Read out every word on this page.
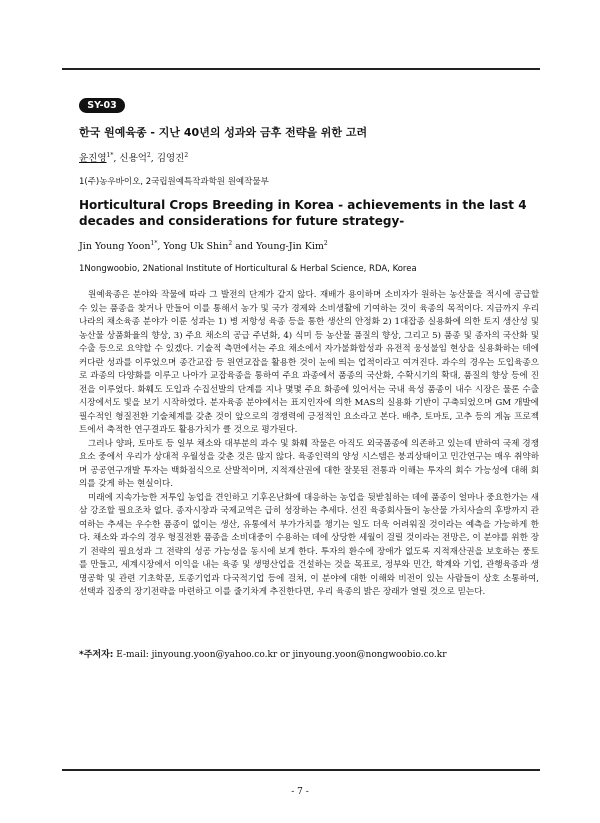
SY-03
한국 원예육종 - 지난 40년의 성과와 금후 전략을 위한 고려
윤진영$^{1*}$, 신용억$^2$, 김영진$^2$
1(주)농우바이오, 2국립원예특작과학원 원예작물부
Horticultural Crops Breeding in Korea - achievements in the last 4 decades and considerations for future strategy-
Jin Young Yoon$^{1*}$, Yong Uk Shin$^2$ and Young-Jin Kim$^2$
1Nongwoobio, 2National Institute of Horticultural & Herbal Science, RDA, Korea

원예육종은 분야와 작물에 따라 그 발전의 단계가 같지 않다. 재배가 용이하며 소비자가 원하는 농산물을 적시에 공급할 수 있는 품종을 찾거나 만들어 이를 통해서 농가 및 국가 경제와 소비생활에 기여하는 것이 육종의 목적이다. 지금까지 우리나라의 채소육종 분야가 이룬 성과는 1) 병 저항성 육종 등을 통한 생산의 안정화 2) 1대잡종 실용화에 의한 토지 생산성 및 농산물 상품화율의 향상, 3) 주요 채소의 공급 주년화, 4) 식미 등 농산물 품질의 향상, 그리고 5) 품종 및 종자의 국산화 및 수출 등으로 요약할 수 있겠다. 기술적 측면에서는 주요 채소에서 자가불화합성과 유전적 웅성불임 현상을 실용화하는 데에 커다란 성과를 이루었으며 종간교잡 등 원연교잡을 활용한 것이 눈에 띄는 업적이라고 여겨진다. 과수의 경우는 도입육종으로 과종의 다양화를 이루고 나아가 교잡육종을 통하여 주요 과종에서 품종의 국산화, 수확시기의 확대, 품질의 향상 등에 진전을 이루었다. 화훼도 도입과 수집선발의 단계를 지나 몇몇 주요 화종에 있어서는 국내 육성 품종이 내수 시장은 물론 수출시장에서도 빛을 보기 시작하였다. 분자육종 분야에서는 표지인자에 의한 MAS의 실용화 기반이 구축되었으며 GM 개발에 필수적인 형질전환 기술체계를 갖춘 것이 앞으로의 경쟁력에 긍정적인 요소라고 본다. 배추, 토마토, 고추 등의 게놈 프로젝트에서 축적한 연구결과도 활용가치가 클 것으로 평가된다.

그러나 양파, 토마토 등 일부 채소와 대부분의 과수 및 화훼 작물은 아직도 외국품종에 의존하고 있는데 반하여 국제 경쟁 요소 중에서 우리가 상대적 우월성을 갖춘 것은 많지 않다. 육종인력의 양성 시스템은 붕괴상태이고 민간연구는 매우 취약하며 공공연구개발 투자는 백화점식으로 산발적이며, 지적재산권에 대한 잘못된 전통과 이해는 투자의 회수 가능성에 대해 회의를 갖게 하는 현실이다.

미래에 지속가능한 저투입 농업을 견인하고 기후온난화에 대응하는 농업을 뒷받침하는 데에 품종이 얼마나 중요한가는 새삼 강조할 필요조차 없다. 종자시장과 국제교역은 급히 성장하는 추세다. 선진 육종회사들이 농산물 가치사슬의 후방까지 관여하는 추세는 우수한 품종이 없이는 생산, 유통에서 부가가치를 챙기는 일도 더욱 어려워질 것이라는 예측을 가능하게 한다. 채소와 과수의 경우 형질전환 품종을 소비대중이 수용하는 데에 상당한 세월이 걸릴 것이라는 전망은, 이 분야를 위한 장기 전략의 필요성과 그 전략의 성공 가능성을 동시에 보게 한다. 투자의 환수에 장애가 없도록 지적재산권을 보호하는 풍토를 만들고, 세계시장에서 이익을 내는 육종 및 생명산업을 건설하는 것을 목표로, 정부와 민간, 학계와 기업, 관행육종과 생명공학 및 관련 기초학문, 토종기업과 다국적기업 등에 걸쳐, 이 분야에 대한 이해와 비전이 있는 사람들이 상호 소통하여, 선택과 집중의 장기전략을 마련하고 이를 줄기차게 추진한다면, 우리 육종의 밝은 장래가 열릴 것으로 믿는다.

*주저자: E-mail: jinyoung.yoon@yahoo.co.kr or jinyoung.yoon@nongwoobio.co.kr
- 7 -
